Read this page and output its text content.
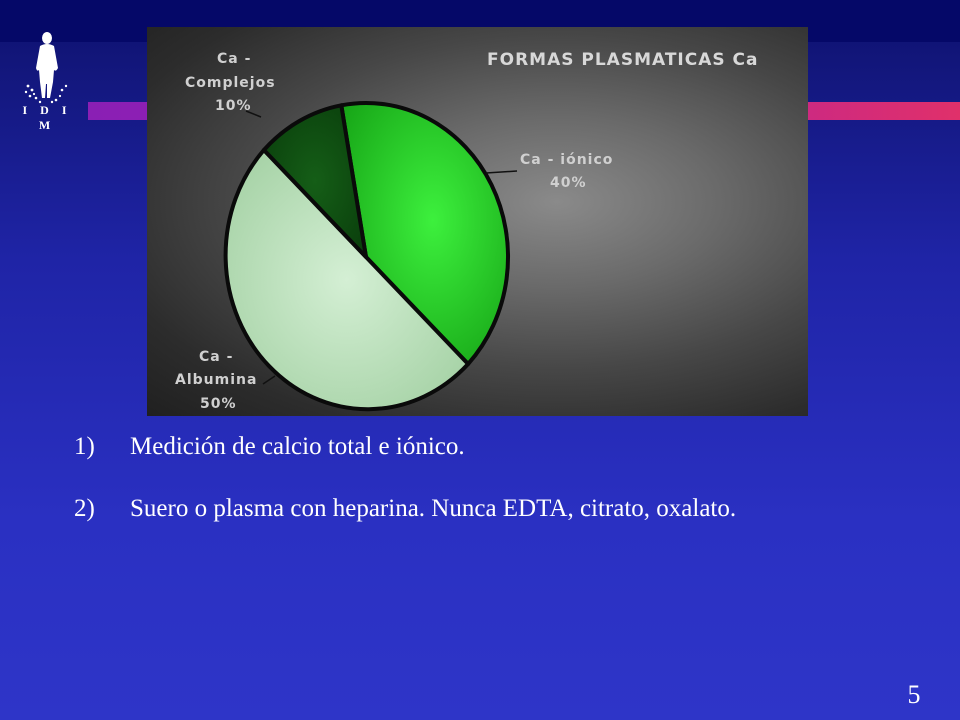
I D I M
FORMAS PLASMATICAS Ca
Ca - iónico
40%
Ca -
Albumina
50%
Ca -
Complejos
10%
1)	Medición de calcio total e iónico.
2)	Suero o plasma con heparina. Nunca EDTA, citrato, oxalato.
5
